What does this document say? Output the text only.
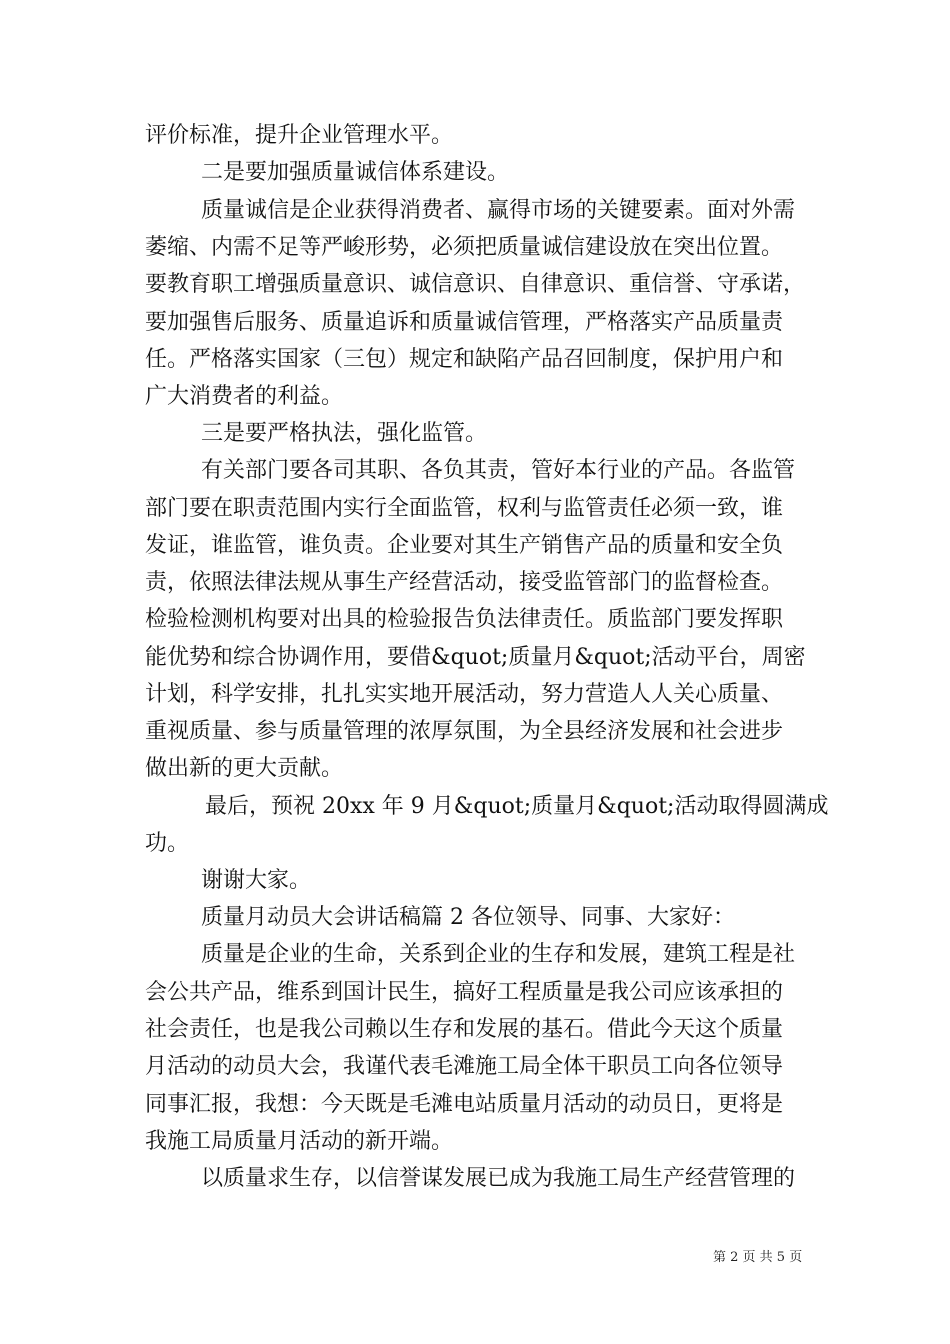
评价标准，提升企业管理水平。
二是要加强质量诚信体系建设。
质量诚信是企业获得消费者、赢得市场的关键要素。面对外需
萎缩、内需不足等严峻形势，必须把质量诚信建设放在突出位置。
要教育职工增强质量意识、诚信意识、自律意识、重信誉、守承诺，
要加强售后服务、质量追诉和质量诚信管理，严格落实产品质量责
任。严格落实国家（三包）规定和缺陷产品召回制度，保护用户和
广大消费者的利益。
三是要严格执法，强化监管。
有关部门要各司其职、各负其责，管好本行业的产品。各监管
部门要在职责范围内实行全面监管，权利与监管责任必须一致，谁
发证，谁监管，谁负责。企业要对其生产销售产品的质量和安全负
责，依照法律法规从事生产经营活动，接受监管部门的监督检查。
检验检测机构要对出具的检验报告负法律责任。质监部门要发挥职
能优势和综合协调作用，要借&quot;质量月&quot;活动平台，周密
计划，科学安排，扎扎实实地开展活动，努力营造人人关心质量、
重视质量、参与质量管理的浓厚氛围，为全县经济发展和社会进步
做出新的更大贡献。
最后，预祝 20xx 年 9 月&quot;质量月&quot;活动取得圆满成
功。
谢谢大家。
质量月动员大会讲话稿篇 2 各位领导、同事、大家好：
质量是企业的生命，关系到企业的生存和发展，建筑工程是社
会公共产品，维系到国计民生，搞好工程质量是我公司应该承担的
社会责任，也是我公司赖以生存和发展的基石。借此今天这个质量
月活动的动员大会，我谨代表毛滩施工局全体干职员工向各位领导
同事汇报，我想：今天既是毛滩电站质量月活动的动员日，更将是
我施工局质量月活动的新开端。
以质量求生存，以信誉谋发展已成为我施工局生产经营管理的
第 2 页 共 5 页
